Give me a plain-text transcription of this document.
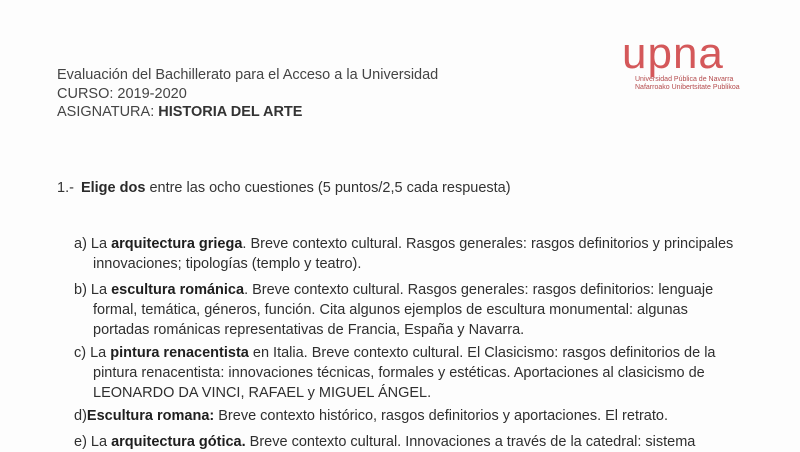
Evaluación del Bachillerato para el Acceso a la Universidad
CURSO: 2019-2020
ASIGNATURA: HISTORIA DEL ARTE
upna
Universidad Pública de Navarra
Nafarroako Unibertsitate Publikoa
1.- Elige dos entre las ocho cuestiones (5 puntos/2,5 cada respuesta)
a) La arquitectura griega. Breve contexto cultural. Rasgos generales: rasgos definitorios y principales
innovaciones; tipologías (templo y teatro).
b) La escultura románica. Breve contexto cultural. Rasgos generales: rasgos definitorios: lenguaje
formal, temática, géneros, función. Cita algunos ejemplos de escultura monumental: algunas
portadas románicas representativas de Francia, España y Navarra.
c) La pintura renacentista en Italia. Breve contexto cultural. El Clasicismo: rasgos definitorios de la
pintura renacentista: innovaciones técnicas, formales y estéticas. Aportaciones al clasicismo de
LEONARDO DA VINCI, RAFAEL y MIGUEL ÁNGEL.
d)Escultura romana: Breve contexto histórico, rasgos definitorios y aportaciones. El retrato.
e) La arquitectura gótica. Breve contexto cultural. Innovaciones a través de la catedral: sistema
